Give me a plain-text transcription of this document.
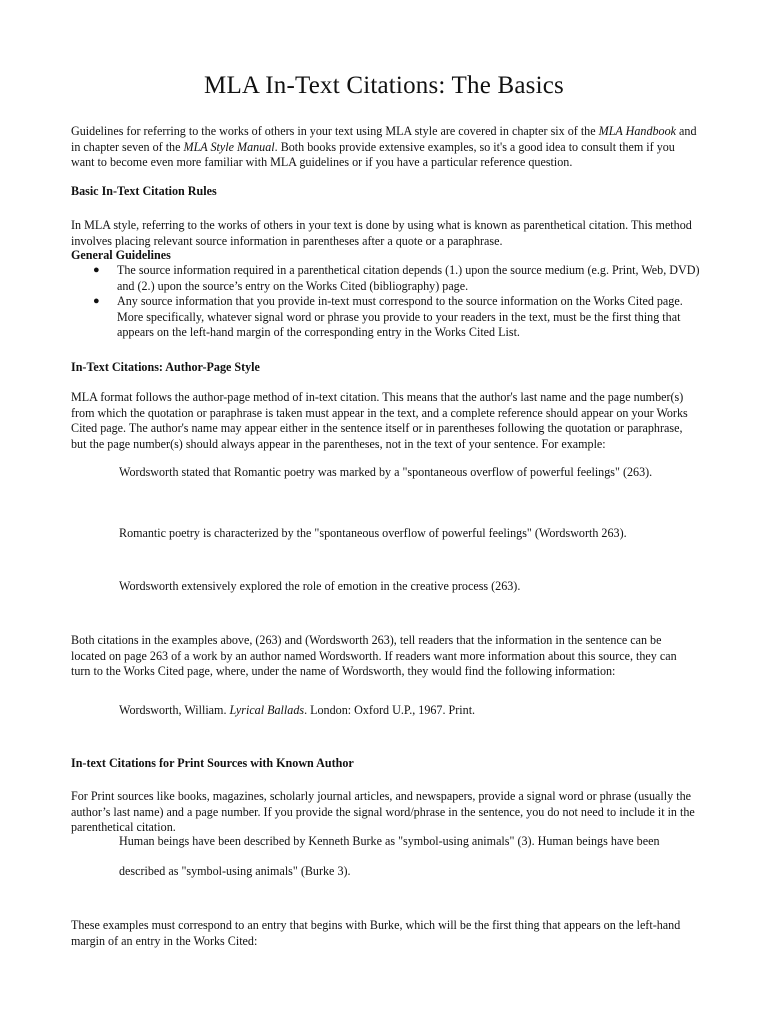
MLA In-Text Citations: The Basics

Guidelines for referring to the works of others in your text using MLA style are covered in chapter six of the MLA Handbook and in chapter seven of the MLA Style Manual. Both books provide extensive examples, so it's a good idea to consult them if you want to become even more familiar with MLA guidelines or if you have a particular reference question.

Basic In-Text Citation Rules

In MLA style, referring to the works of others in your text is done by using what is known as parenthetical citation. This method involves placing relevant source information in parentheses after a quote or a paraphrase.

General Guidelines

● The source information required in a parenthetical citation depends (1.) upon the source medium (e.g. Print, Web, DVD) and (2.) upon the source’s entry on the Works Cited (bibliography) page.
● Any source information that you provide in-text must correspond to the source information on the Works Cited page. More specifically, whatever signal word or phrase you provide to your readers in the text, must be the first thing that appears on the left-hand margin of the corresponding entry in the Works Cited List.

In-Text Citations: Author-Page Style

MLA format follows the author-page method of in-text citation. This means that the author's last name and the page number(s) from which the quotation or paraphrase is taken must appear in the text, and a complete reference should appear on your Works Cited page. The author's name may appear either in the sentence itself or in parentheses following the quotation or paraphrase, but the page number(s) should always appear in the parentheses, not in the text of your sentence. For example:

Wordsworth stated that Romantic poetry was marked by a "spontaneous overflow of powerful feelings" (263).

Romantic poetry is characterized by the "spontaneous overflow of powerful feelings" (Wordsworth 263).

Wordsworth extensively explored the role of emotion in the creative process (263).

Both citations in the examples above, (263) and (Wordsworth 263), tell readers that the information in the sentence can be located on page 263 of a work by an author named Wordsworth. If readers want more information about this source, they can turn to the Works Cited page, where, under the name of Wordsworth, they would find the following information:

Wordsworth, William. Lyrical Ballads. London: Oxford U.P., 1967. Print.

In-text Citations for Print Sources with Known Author

For Print sources like books, magazines, scholarly journal articles, and newspapers, provide a signal word or phrase (usually the author’s last name) and a page number. If you provide the signal word/phrase in the sentence, you do not need to include it in the parenthetical citation.

Human beings have been described by Kenneth Burke as "symbol-using animals" (3). Human beings have been

described as "symbol-using animals" (Burke 3).

These examples must correspond to an entry that begins with Burke, which will be the first thing that appears on the left-hand margin of an entry in the Works Cited:
